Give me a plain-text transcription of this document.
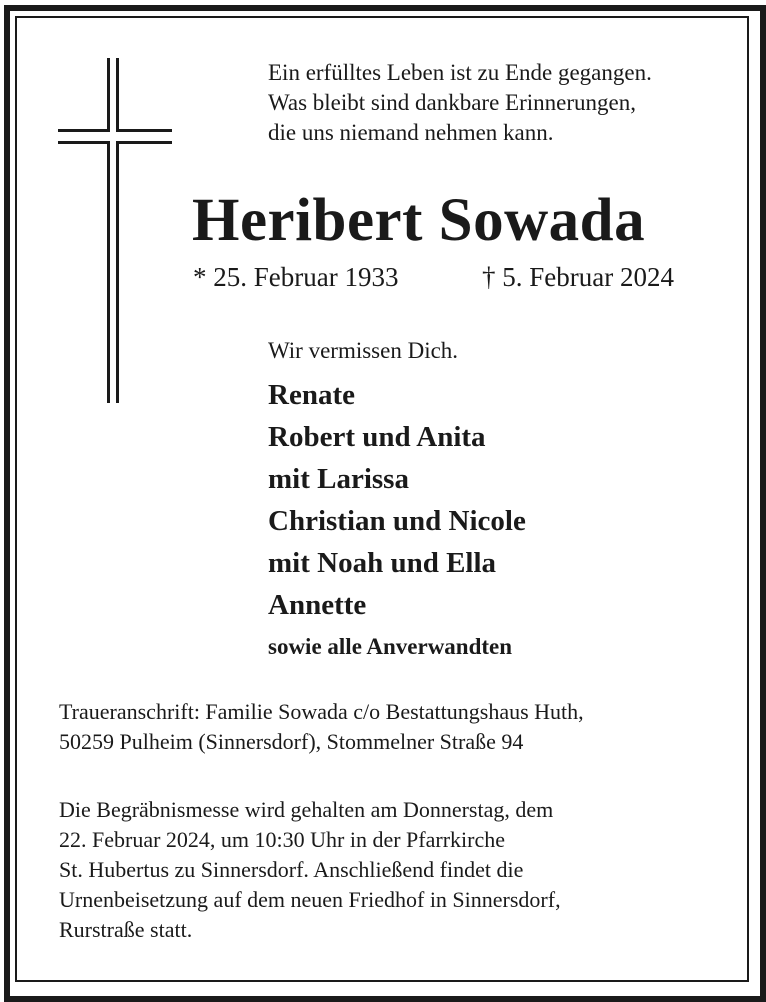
Ein erfülltes Leben ist zu Ende gegangen.
Was bleibt sind dankbare Erinnerungen,
die uns niemand nehmen kann.
Heribert Sowada
* 25. Februar 1933	† 5. Februar 2024
Wir vermissen Dich.
Renate
Robert und Anita
mit Larissa
Christian und Nicole
mit Noah und Ella
Annette
sowie alle Anverwandten
Traueranschrift: Familie Sowada c/o Bestattungshaus Huth,
50259 Pulheim (Sinnersdorf), Stommelner Straße 94
Die Begräbnismesse wird gehalten am Donnerstag, dem
22. Februar 2024, um 10:30 Uhr in der Pfarrkirche
St. Hubertus zu Sinnersdorf. Anschließend findet die
Urnenbeisetzung auf dem neuen Friedhof in Sinnersdorf,
Rurstraße statt.
